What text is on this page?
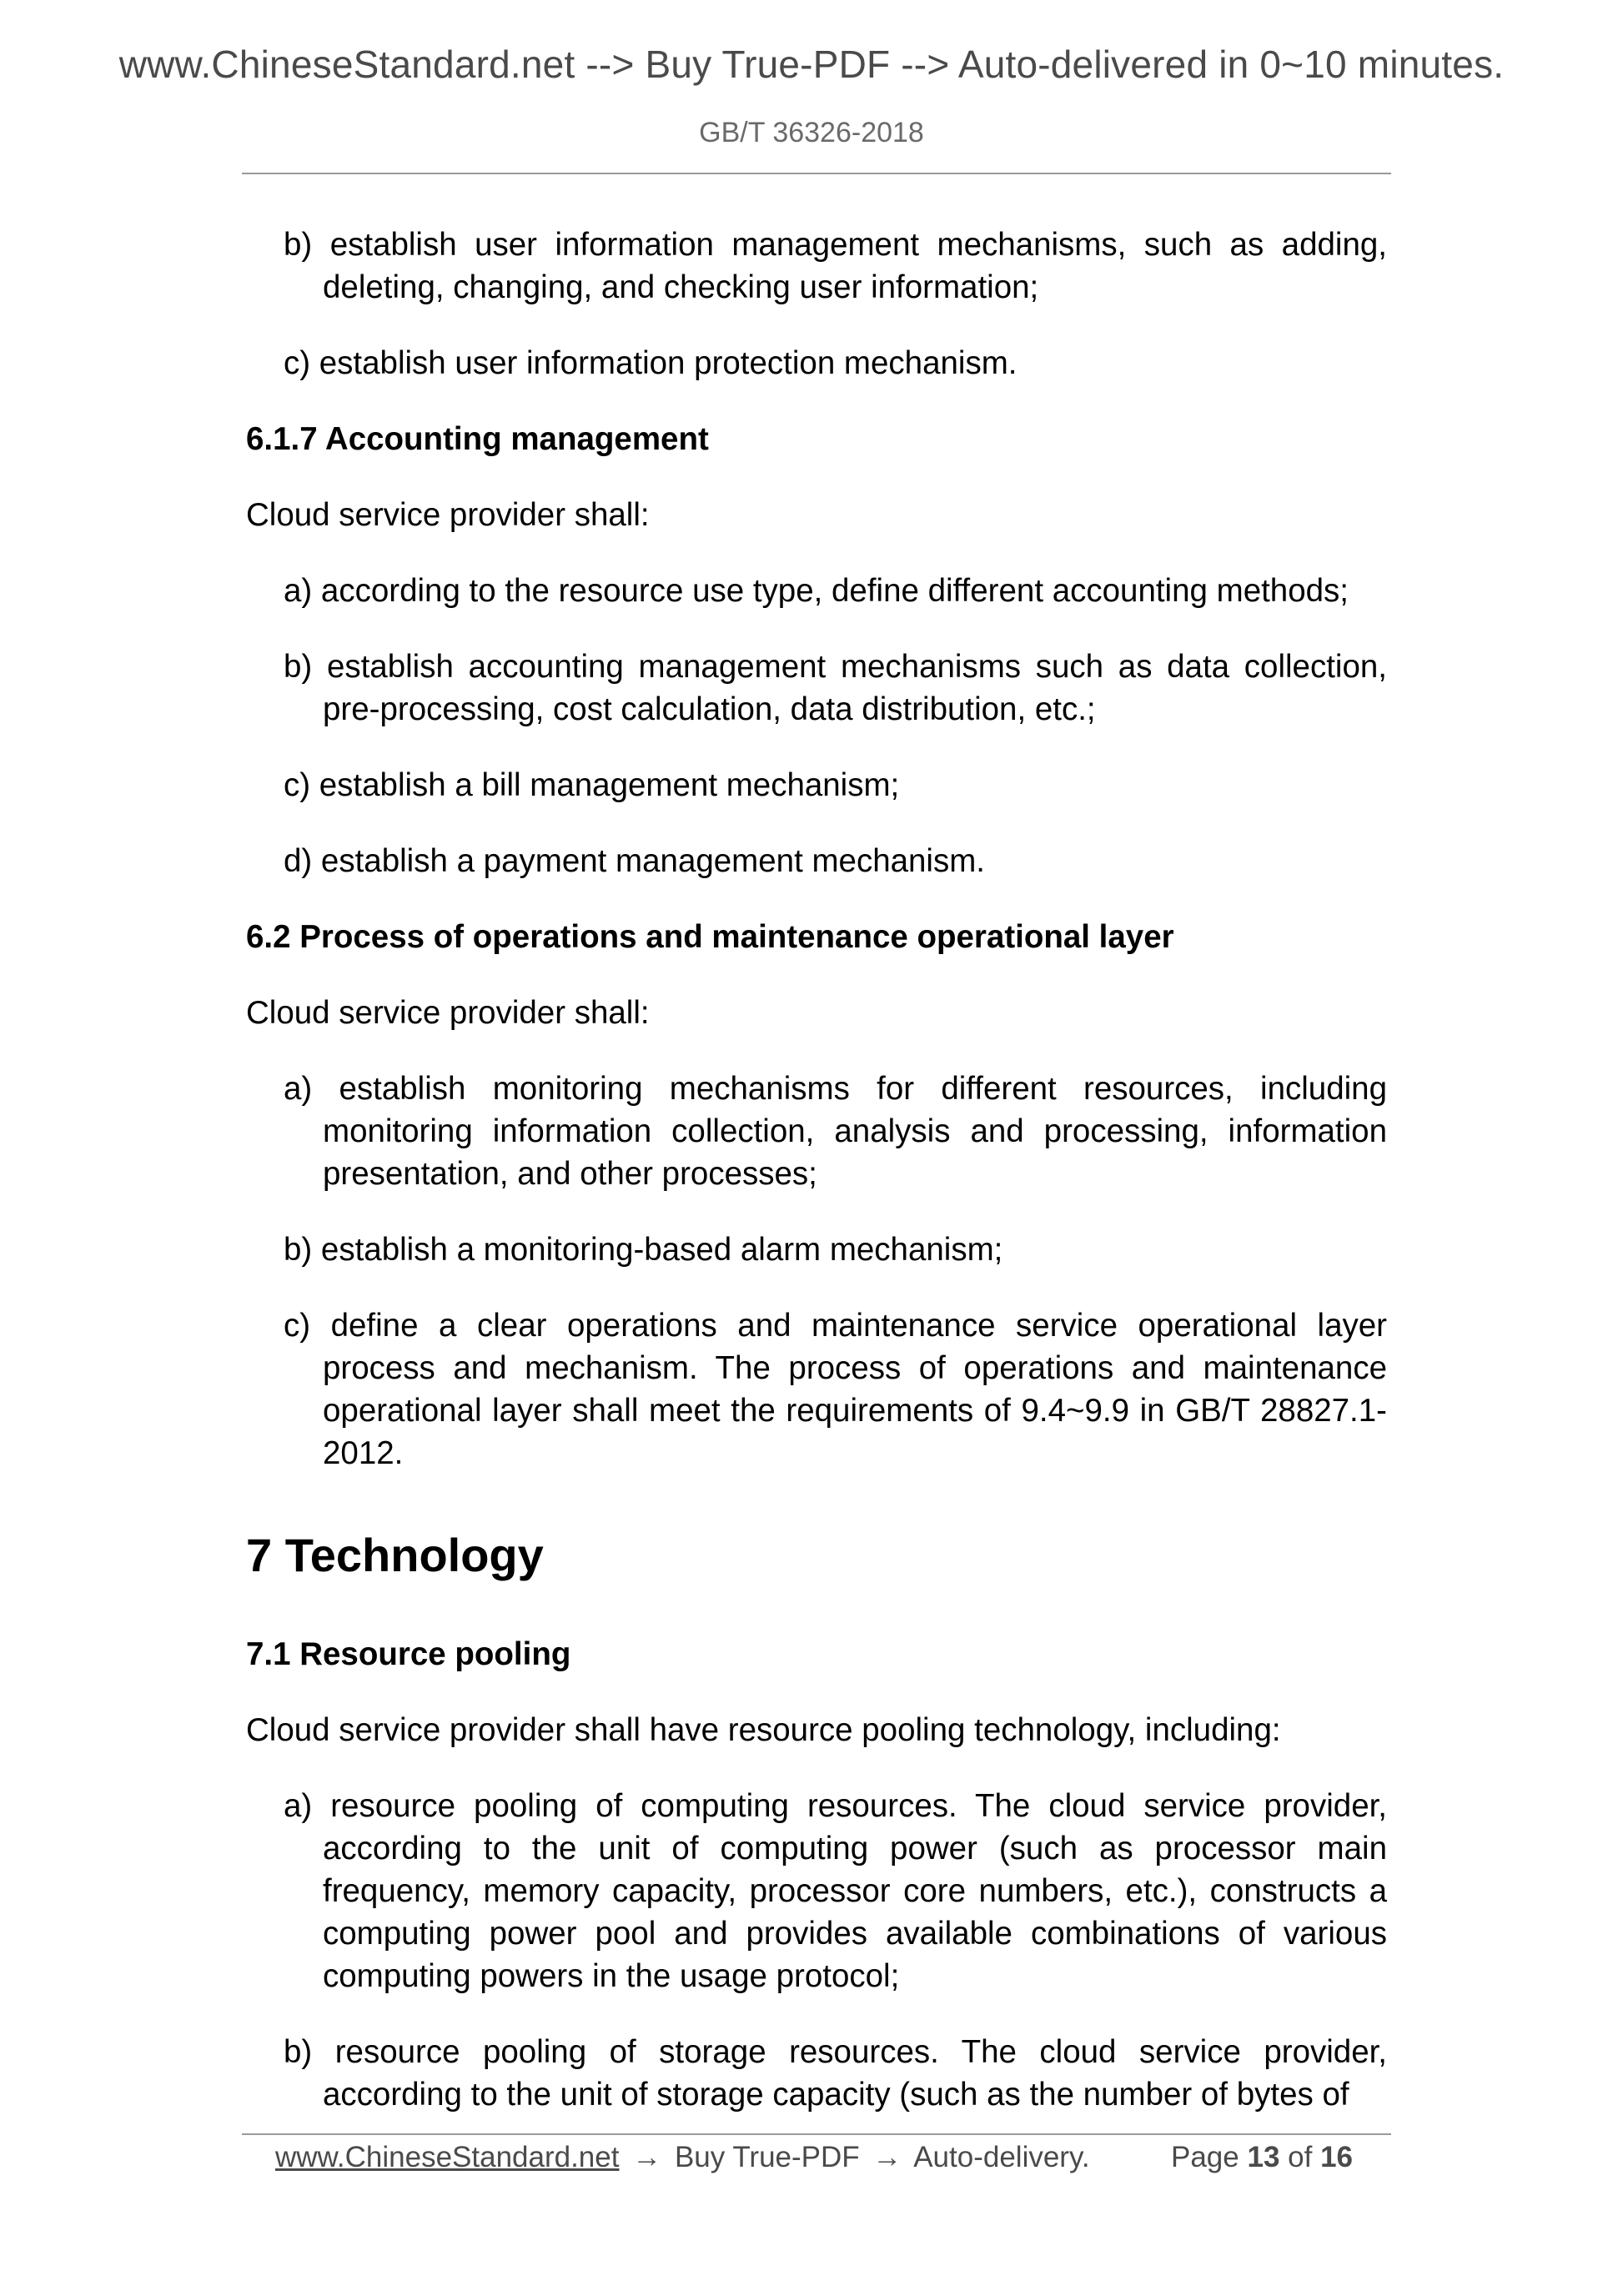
www.ChineseStandard.net --> Buy True-PDF --> Auto-delivered in 0~10 minutes.
GB/T 36326-2018
b) establish user information management mechanisms, such as adding, deleting, changing, and checking user information;
c) establish user information protection mechanism.
6.1.7 Accounting management
Cloud service provider shall:
a) according to the resource use type, define different accounting methods;
b) establish accounting management mechanisms such as data collection, pre-processing, cost calculation, data distribution, etc.;
c) establish a bill management mechanism;
d) establish a payment management mechanism.
6.2 Process of operations and maintenance operational layer
Cloud service provider shall:
a) establish monitoring mechanisms for different resources, including monitoring information collection, analysis and processing, information presentation, and other processes;
b) establish a monitoring-based alarm mechanism;
c) define a clear operations and maintenance service operational layer process and mechanism. The process of operations and maintenance operational layer shall meet the requirements of 9.4~9.9 in GB/T 28827.1-2012.
7 Technology
7.1 Resource pooling
Cloud service provider shall have resource pooling technology, including:
a) resource pooling of computing resources. The cloud service provider, according to the unit of computing power (such as processor main frequency, memory capacity, processor core numbers, etc.), constructs a computing power pool and provides available combinations of various computing powers in the usage protocol;
b) resource pooling of storage resources. The cloud service provider, according to the unit of storage capacity (such as the number of bytes of
www.ChineseStandard.net → Buy True-PDF → Auto-delivery.	Page 13 of 16
